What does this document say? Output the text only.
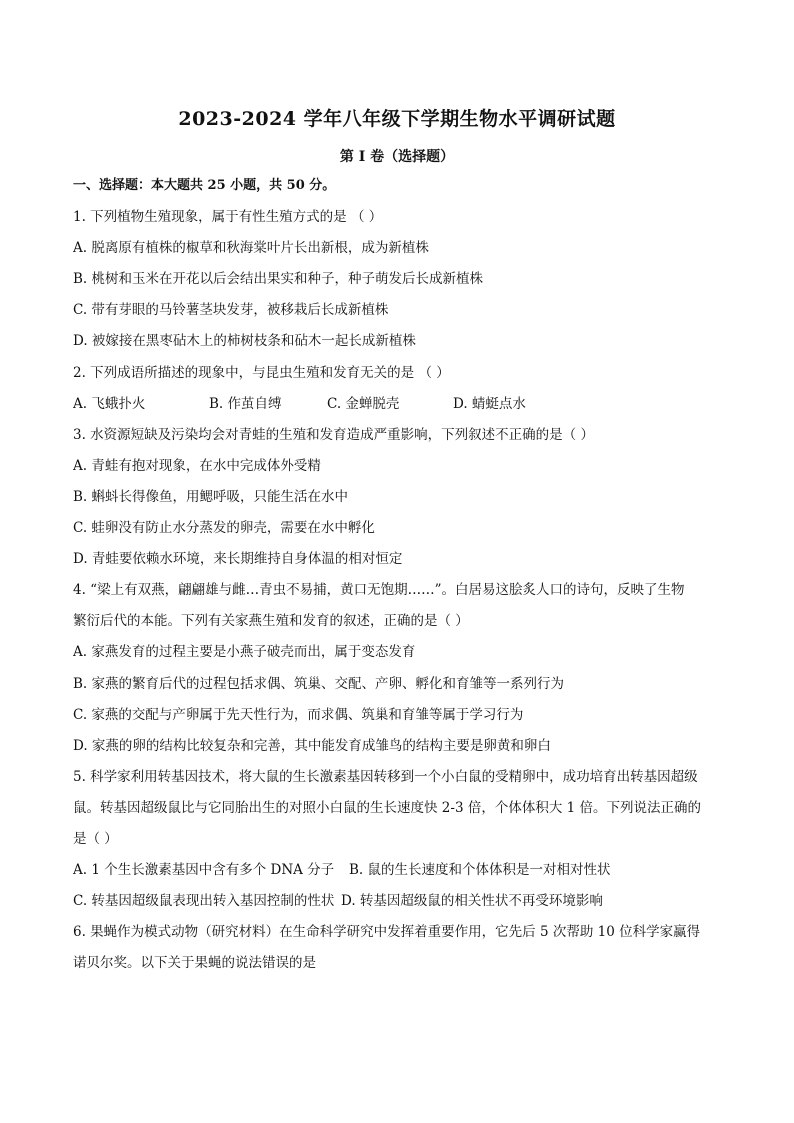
2023-2024 学年八年级下学期生物水平调研试题
第 I 卷（选择题）
一、选择题：本大题共 25 小题，共 50 分。
1. 下列植物生殖现象，属于有性生殖方式的是 （ ）
A. 脱离原有植株的椒草和秋海棠叶片长出新根，成为新植株
B. 桃树和玉米在开花以后会结出果实和种子，种子萌发后长成新植株
C. 带有芽眼的马铃薯茎块发芽，被移栽后长成新植株
D. 被嫁接在黑枣砧木上的柿树枝条和砧木一起长成新植株
2. 下列成语所描述的现象中，与昆虫生殖和发育无关的是 （ ）
A. 飞蛾扑火	B. 作茧自缚	C. 金蝉脱壳	D. 蜻蜓点水
3. 水资源短缺及污染均会对青蛙的生殖和发育造成严重影响，下列叙述不正确的是（ ）
A. 青蛙有抱对现象，在水中完成体外受精
B. 蝌蚪长得像鱼，用鳃呼吸，只能生活在水中
C. 蛙卵没有防止水分蒸发的卵壳，需要在水中孵化
D. 青蛙要依赖水环境，来长期维持自身体温的相对恒定
4. “梁上有双燕，翩翩雄与雌…青虫不易捕，黄口无饱期……”。白居易这脍炙人口的诗句，反映了生物
繁衍后代的本能。下列有关家燕生殖和发育的叙述，正确的是（ ）
A. 家燕发育的过程主要是小燕子破壳而出，属于变态发育
B. 家燕的繁育后代的过程包括求偶、筑巢、交配、产卵、孵化和育雏等一系列行为
C. 家燕的交配与产卵属于先天性行为，而求偶、筑巢和育雏等属于学习行为
D. 家燕的卵的结构比较复杂和完善，其中能发育成雏鸟的结构主要是卵黄和卵白
5. 科学家利用转基因技术，将大鼠的生长激素基因转移到一个小白鼠的受精卵中，成功培育出转基因超级
鼠。转基因超级鼠比与它同胎出生的对照小白鼠的生长速度快 2-3 倍，个体体积大 1 倍。下列说法正确的
是（ ）
A. 1 个生长激素基因中含有多个 DNA 分子	B. 鼠的生长速度和个体体积是一对相对性状
C. 转基因超级鼠表现出转入基因控制的性状 D. 转基因超级鼠的相关性状不再受环境影响
6. 果蝇作为模式动物（研究材料）在生命科学研究中发挥着重要作用，它先后 5 次帮助 10 位科学家赢得
诺贝尔奖。以下关于果蝇的说法错误的是
